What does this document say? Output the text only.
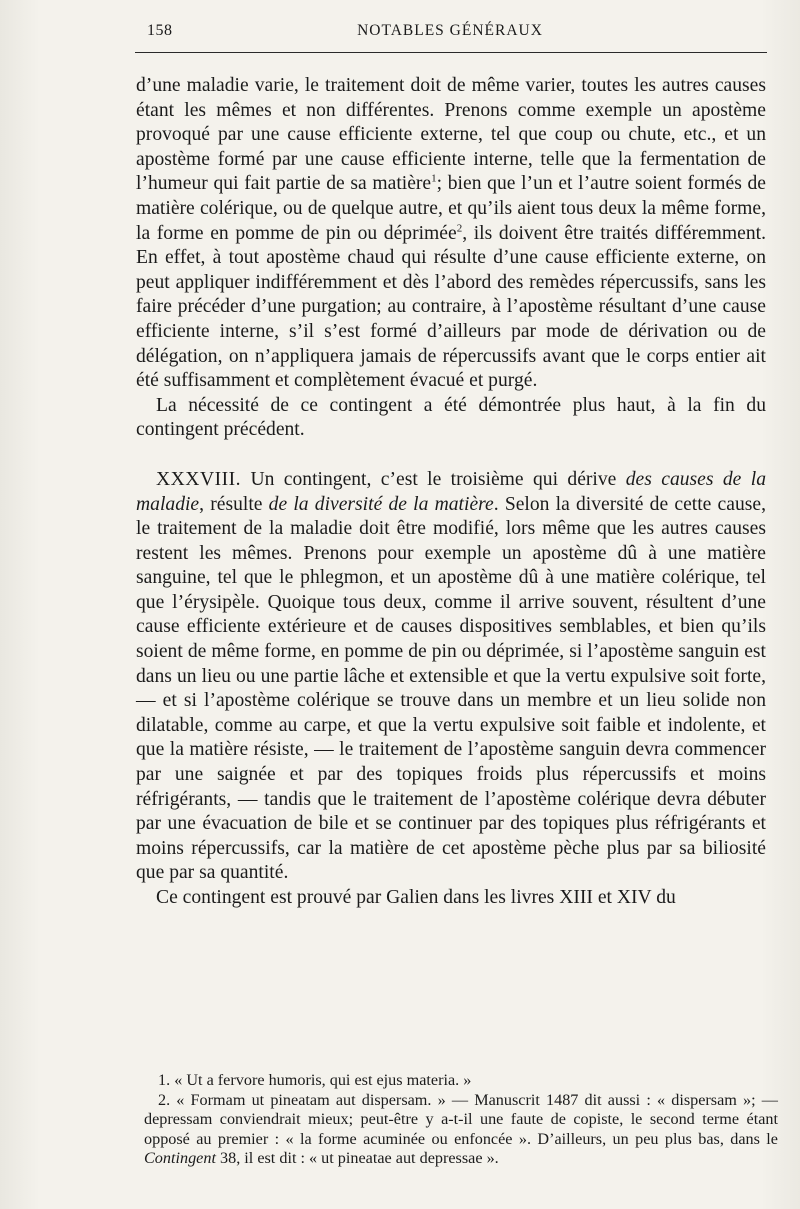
158	NOTABLES GÉNÉRAUX

d’une maladie varie, le traitement doit de même varier, toutes les autres causes étant les mêmes et non différentes. Prenons comme exemple un apostème provoqué par une cause efficiente externe, tel que coup ou chute, etc., et un apostème formé par une cause efficiente interne, telle que la fermentation de l’humeur qui fait partie de sa matière$^1$; bien que l’un et l’autre soient formés de matière colérique, ou de quelque autre, et qu’ils aient tous deux la même forme, la forme en pomme de pin ou déprimée$^2$, ils doivent être traités différemment. En effet, à tout apostème chaud qui résulte d’une cause efficiente externe, on peut appliquer indifféremment et dès l’abord des remèdes répercussifs, sans les faire précéder d’une purgation; au contraire, à l’apostème résultant d’une cause efficiente interne, s’il s’est formé d’ailleurs par mode de dérivation ou de délégation, on n’appliquera jamais de répercussifs avant que le corps entier ait été suffisamment et complètement évacué et purgé.

La nécessité de ce contingent a été démontrée plus haut, à la fin du contingent précédent.

XXXVIII. Un contingent, c’est le troisième qui dérive des causes de la maladie, résulte de la diversité de la matière. Selon la diversité de cette cause, le traitement de la maladie doit être modifié, lors même que les autres causes restent les mêmes. Prenons pour exemple un apostème dû à une matière sanguine, tel que le phlegmon, et un apostème dû à une matière colérique, tel que l’érysipèle. Quoique tous deux, comme il arrive souvent, résultent d’une cause efficiente extérieure et de causes dispositives semblables, et bien qu’ils soient de même forme, en pomme de pin ou déprimée, si l’apostème sanguin est dans un lieu ou une partie lâche et extensible et que la vertu expulsive soit forte, — et si l’apostème colérique se trouve dans un membre et un lieu solide non dilatable, comme au carpe, et que la vertu expulsive soit faible et indolente, et que la matière résiste, — le traitement de l’apostème sanguin devra commencer par une saignée et par des topiques froids plus répercussifs et moins réfrigérants, — tandis que le traitement de l’apostème colérique devra débuter par une évacuation de bile et se continuer par des topiques plus réfrigérants et moins répercussifs, car la matière de cet apostème pèche plus par sa biliosité que par sa quantité.

Ce contingent est prouvé par Galien dans les livres XIII et XIV du

1. « Ut a fervore humoris, qui est ejus materia. »

2. « Formam ut pineatam aut dispersam. » — Manuscrit 1487 dit aussi : « dispersam »; — depressam conviendrait mieux; peut-être y a-t-il une faute de copiste, le second terme étant opposé au premier : « la forme acuminée ou enfoncée ». D’ailleurs, un peu plus bas, dans le Contingent 38, il est dit : « ut pineatae aut depressae ».
